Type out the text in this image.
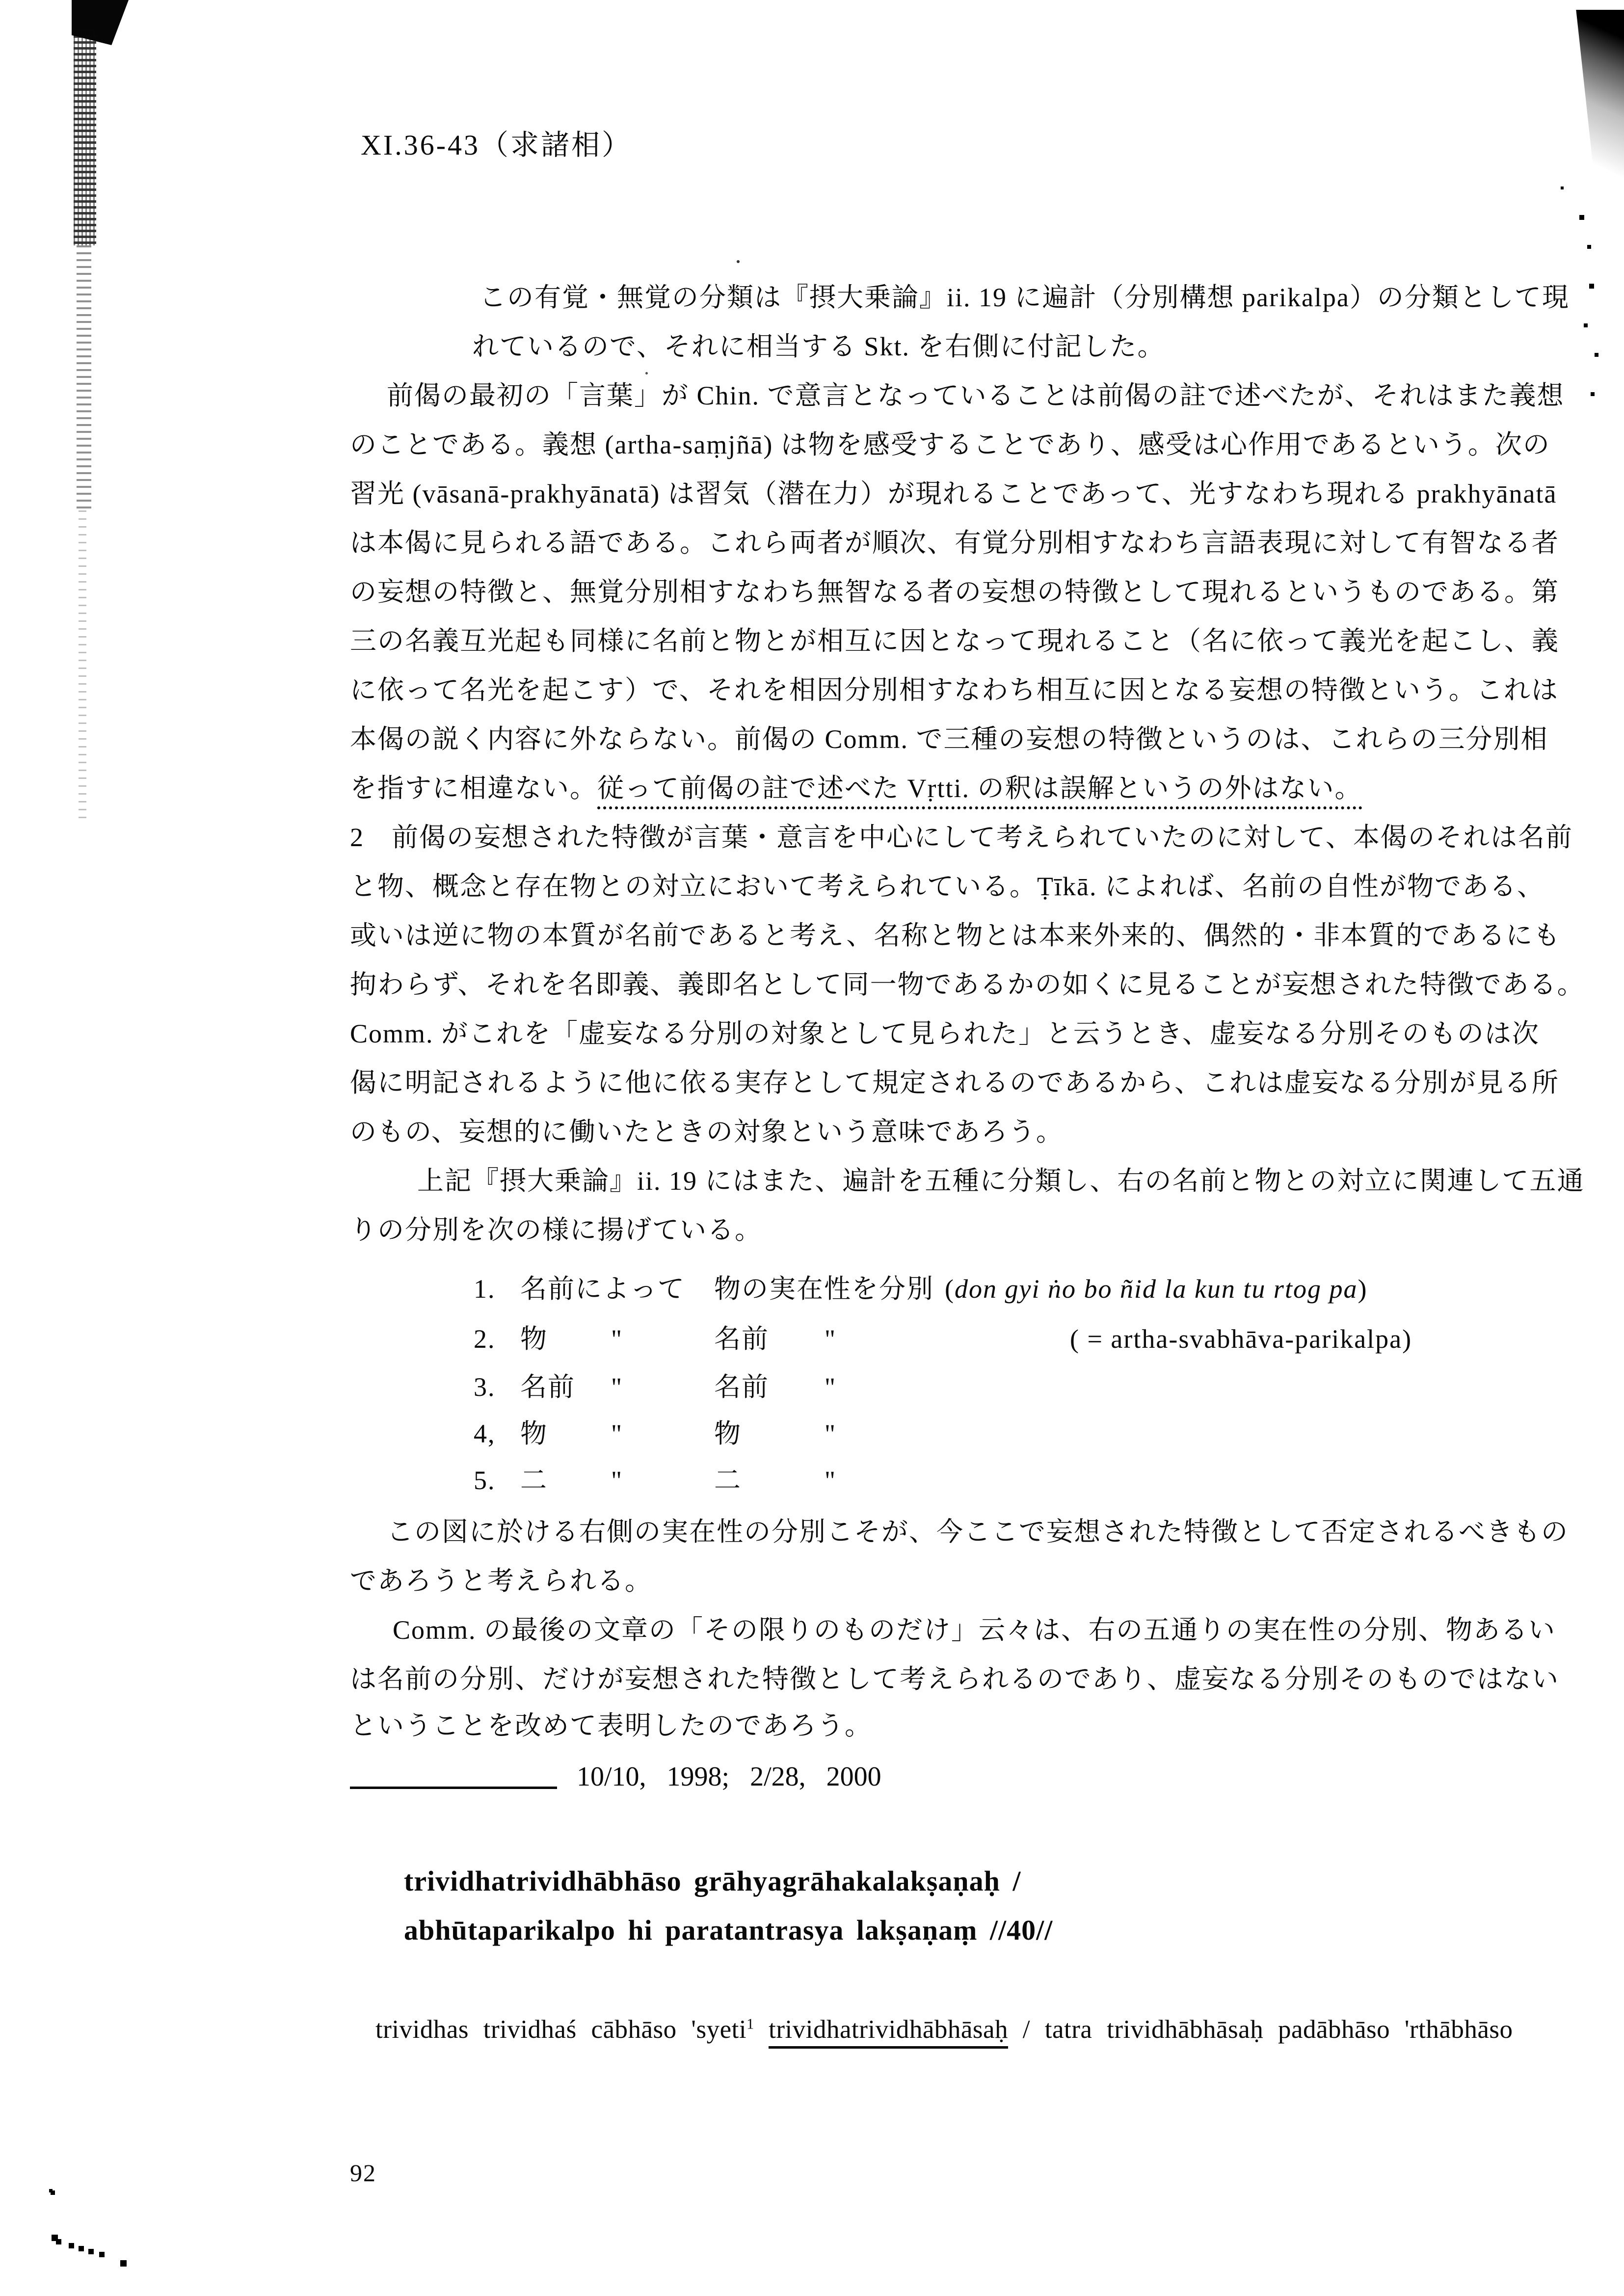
XI.36-43（求諸相）
この有覚・無覚の分類は『摂大乗論』ii. 19 に遍計（分別構想 parikalpa）の分類として現
れているので、それに相当する Skt. を右側に付記した。
前偈の最初の「言葉」が Chin. で意言となっていることは前偈の註で述べたが、それはまた義想
のことである。義想 (artha-saṃjñā) は物を感受することであり、感受は心作用であるという。次の
習光 (vāsanā-prakhyānatā) は習気（潜在力）が現れることであって、光すなわち現れる prakhyānatā
は本偈に見られる語である。これら両者が順次、有覚分別相すなわち言語表現に対して有智なる者
の妄想の特徴と、無覚分別相すなわち無智なる者の妄想の特徴として現れるというものである。第
三の名義互光起も同様に名前と物とが相互に因となって現れること（名に依って義光を起こし、義
に依って名光を起こす）で、それを相因分別相すなわち相互に因となる妄想の特徴という。これは
本偈の説く内容に外ならない。前偈の Comm. で三種の妄想の特徴というのは、これらの三分別相
を指すに相違ない。従って前偈の註で述べた Vṛtti. の釈は誤解というの外はない。
2　前偈の妄想された特徴が言葉・意言を中心にして考えられていたのに対して、本偈のそれは名前
と物、概念と存在物との対立において考えられている。Ṭīkā. によれば、名前の自性が物である、
或いは逆に物の本質が名前であると考え、名称と物とは本来外来的、偶然的・非本質的であるにも
拘わらず、それを名即義、義即名として同一物であるかの如くに見ることが妄想された特徴である。
Comm. がこれを「虚妄なる分別の対象として見られた」と云うとき、虚妄なる分別そのものは次
偈に明記されるように他に依る実存として規定されるのであるから、これは虚妄なる分別が見る所
のもの、妄想的に働いたときの対象という意味であろう。
上記『摂大乗論』ii. 19 にはまた、遍計を五種に分類し、右の名前と物との対立に関連して五通
りの分別を次の様に揚げている。
この図に於ける右側の実在性の分別こそが、今ここで妄想された特徴として否定されるべきもの
であろうと考えられる。
Comm. の最後の文章の「その限りのものだけ」云々は、右の五通りの実在性の分別、物あるい
は名前の分別、だけが妄想された特徴として考えられるのであり、虚妄なる分別そのものではない
ということを改めて表明したのであろう。
1. 名前によって 物の実在性を分別 (don gyi ṅo bo ñid la kun tu rtog pa)
2. 物 "	名前 "	( = artha-svabhāva-parikalpa)
3. 名前 "	名前 "
4, 物 "	物	"
5. 二 "	二	"
10/10, 1998; 2/28, 2000
trividhatrividhābhāso grāhyagrāhakalakṣaṇaḥ /
abhūtaparikalpo hi paratantrasya lakṣaṇaṃ //40//
trividhas trividhaś cābhāso 'syeti$^1$ trividhatrividhābhāsaḥ / tatra trividhābhāsaḥ padābhāso 'rthābhāso
92
